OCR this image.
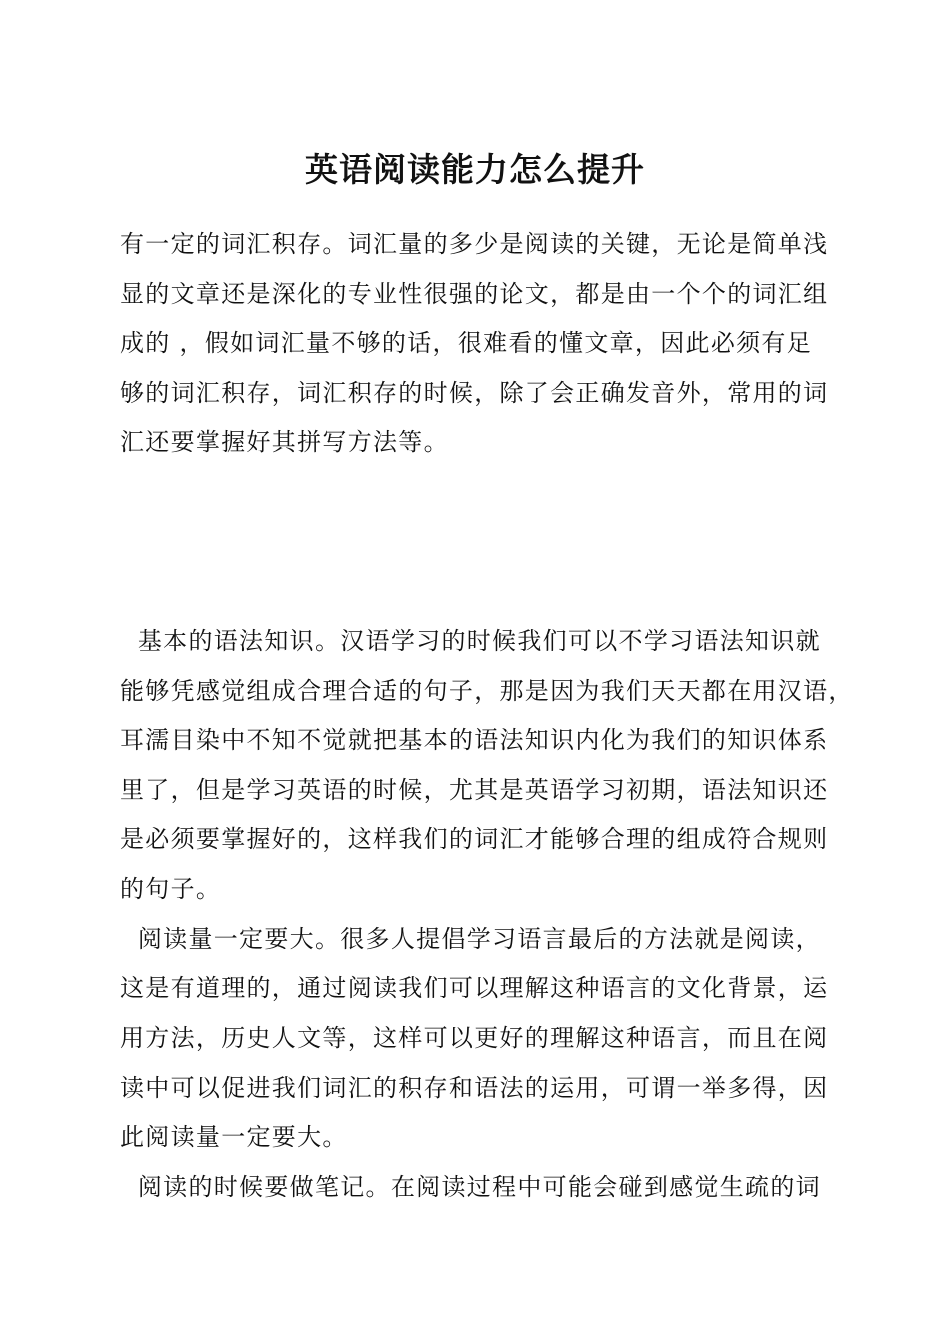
英语阅读能力怎么提升
有一定的词汇积存。词汇量的多少是阅读的关键，无论是简单浅
显的文章还是深化的专业性很强的论文，都是由一个个的词汇组
成的 ，假如词汇量不够的话，很难看的懂文章，因此必须有足
够的词汇积存，词汇积存的时候，除了会正确发音外，常用的词
汇还要掌握好其拼写方法等。
基本的语法知识。汉语学习的时候我们可以不学习语法知识就
能够凭感觉组成合理合适的句子，那是因为我们天天都在用汉语，
耳濡目染中不知不觉就把基本的语法知识内化为我们的知识体系
里了，但是学习英语的时候，尤其是英语学习初期，语法知识还
是必须要掌握好的，这样我们的词汇才能够合理的组成符合规则
的句子。
阅读量一定要大。很多人提倡学习语言最后的方法就是阅读，
这是有道理的，通过阅读我们可以理解这种语言的文化背景，运
用方法，历史人文等，这样可以更好的理解这种语言，而且在阅
读中可以促进我们词汇的积存和语法的运用，可谓一举多得，因
此阅读量一定要大。
阅读的时候要做笔记。在阅读过程中可能会碰到感觉生疏的词
